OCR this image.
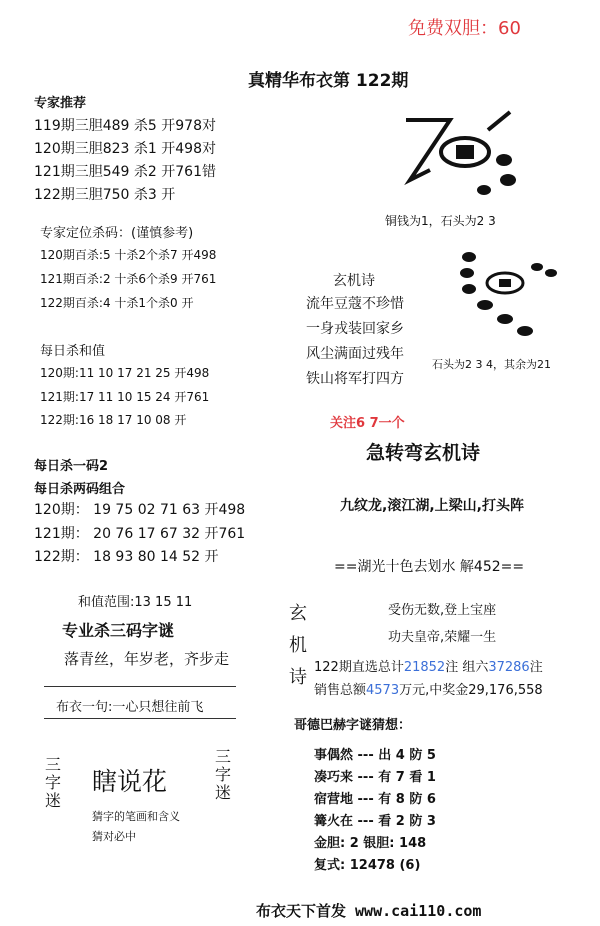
免费双胆：60
真精华布衣第 122期
专家推荐
119期三胆489 杀5 开978对
120期三胆823 杀1 开498对
121期三胆549 杀2 开761错
122期三胆750 杀3 开
专家定位杀码：(谨慎参考)
120期百杀:5 十杀2个杀7 开498
121期百杀:2 十杀6个杀9 开761
122期百杀:4 十杀1个杀0 开
每日杀和值
120期:11 10 17 21 25 开498
121期:17 11 10 15 24 开761
122期:16 18 17 10 08 开
每日杀一码2
每日杀两码组合
120期： 19 75 02 71 63 开498
121期： 20 76 17 67 32 开761
122期： 18 93 80 14 52 开
和值范围:13 15 11
专业杀三码字谜
落青丝，年岁老，齐步走
布衣一句:一心只想往前飞
三
字
迷
瞎说花
三
字
迷
猜字的笔画和含义
猜对必中
铜钱为1，石头为2 3
玄机诗
流年豆蔻不珍惜
一身戎装回家乡
风尘满面过残年
铁山将军打四方
石头为2 3 4，其余为21
关注6 7一个
急转弯玄机诗
九纹龙,滚江湖,上梁山,打头阵
==湖光十色去划水 解452==
玄
机
诗
受伤无数,登上宝座
功夫皇帝,荣耀一生
122期直选总计21852注 组六37286注
销售总额4573万元,中奖金29,176,558
哥德巴赫字谜猜想：
事偶然 --- 出 4 防 5
凑巧来 --- 有 7 看 1
宿营地 --- 有 8 防 6
篝火在 --- 看 2 防 3
金胆: 2 银胆: 148
复式: 12478 (6)
布衣天下首发 www.cai110.com
